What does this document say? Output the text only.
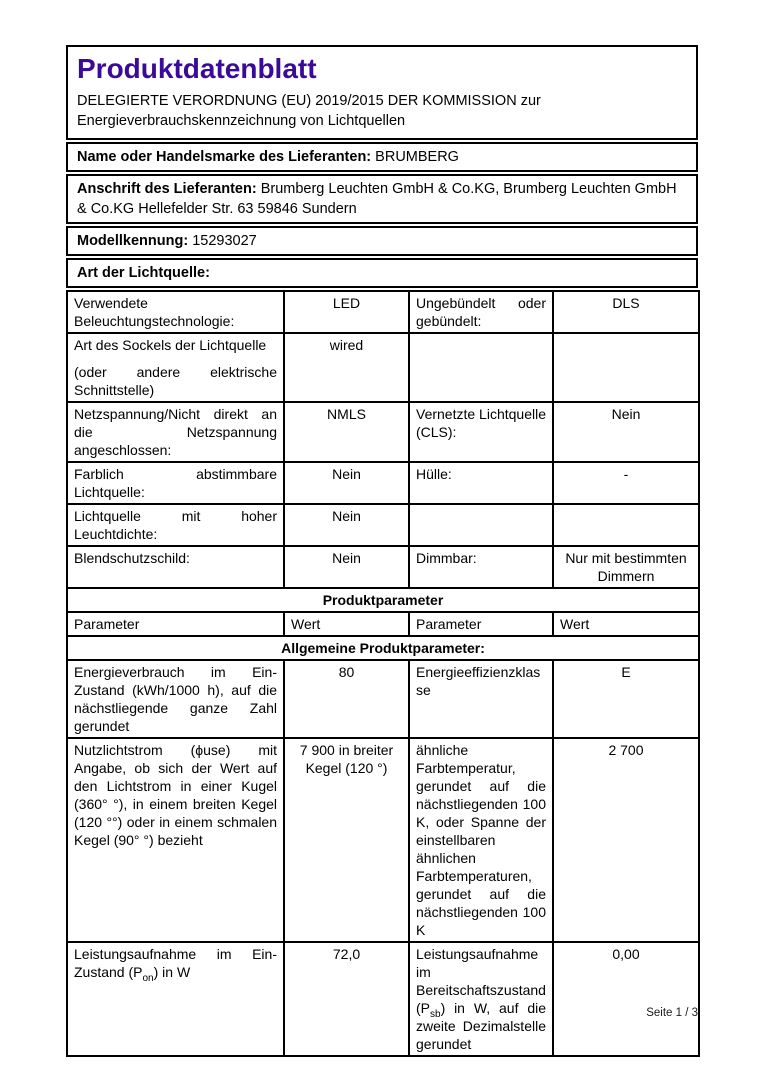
Produktdatenblatt
DELEGIERTE VERORDNUNG (EU) 2019/2015 DER KOMMISSION zur
Energieverbrauchskennzeichnung von Lichtquellen
Name oder Handelsmarke des Lieferanten: BRUMBERG
Anschrift des Lieferanten: Brumberg Leuchten GmbH & Co.KG, Brumberg Leuchten GmbH & Co.KG Hellefelder Str. 63 59846 Sundern
Modellkennung: 15293027
Art der Lichtquelle:
Verwendete Beleuchtungstechnologie:	LED	Ungebündelt oder gebündelt:	DLS
Art des Sockels der Lichtquelle
(oder andere elektrische Schnittstelle)	wired		
Netzspannung/Nicht direkt an die Netzspannung angeschlossen:	NMLS	Vernetzte Lichtquelle (CLS):	Nein
Farblich abstimmbare Lichtquelle:	Nein	Hülle:	-
Lichtquelle mit hoher Leuchtdichte:	Nein		
Blendschutzschild:	Nein	Dimmbar:	Nur mit bestimmten Dimmern
Produktparameter			
Parameter	Wert	Parameter	Wert
Allgemeine Produktparameter:			
Energieverbrauch im Ein-Zustand (kWh/1000 h), auf die nächstliegende ganze Zahl gerundet	80	Energieeffizienzklasse	E
Nutzlichtstrom (ϕuse) mit Angabe, ob sich der Wert auf den Lichtstrom in einer Kugel (360° °), in einem breiten Kegel (120 °°) oder in einem schmalen Kegel (90° °) bezieht	7 900 in breiter Kegel (120 °)	ähnliche Farbtemperatur, gerundet auf die nächstliegenden 100 K, oder Spanne der einstellbaren ähnlichen Farbtemperaturen, gerundet auf die nächstliegenden 100 K	2 700
Leistungsaufnahme im Ein-Zustand $(P_{on})$ in W	72,0	Leistungsaufnahme im Bereitschaftszustand $(P_{sb})$ in W, auf die zweite Dezimalstelle gerundet	0,00
Seite 1 / 3
